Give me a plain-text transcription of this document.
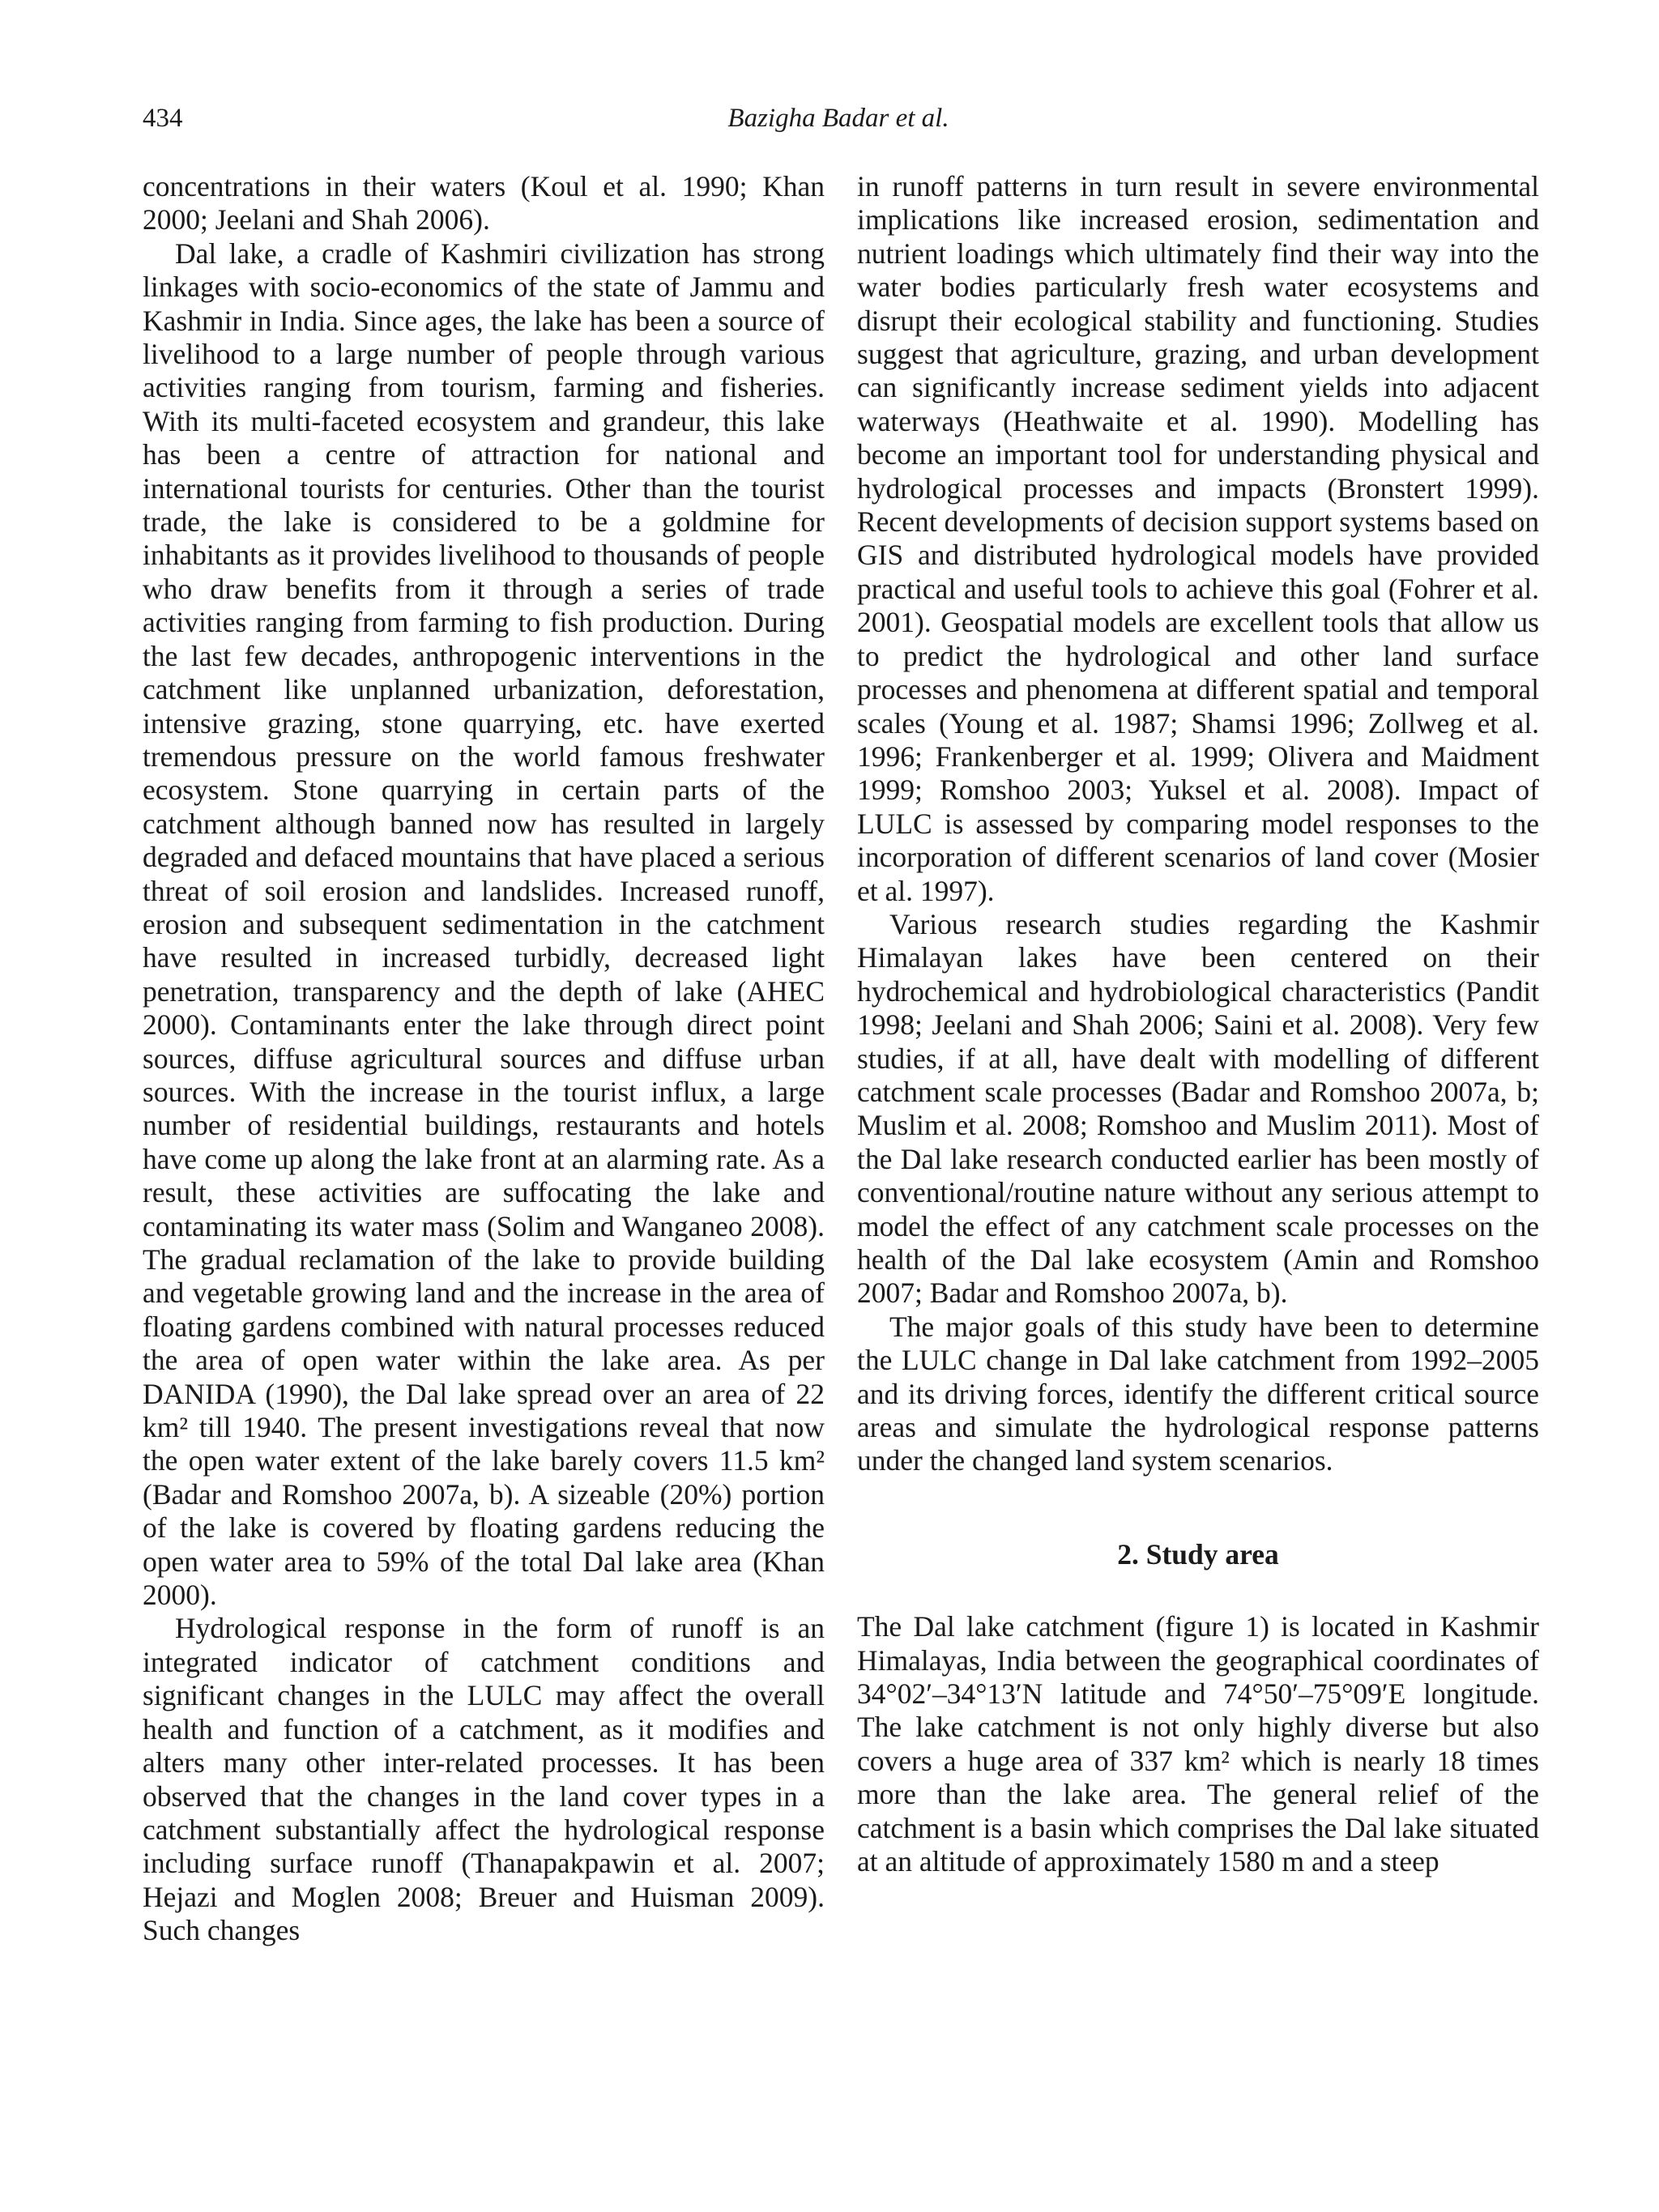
434	Bazigha Badar et al.

concentrations in their waters (Koul et al. 1990; Khan 2000; Jeelani and Shah 2006).

Dal lake, a cradle of Kashmiri civilization has strong linkages with socio-economics of the state of Jammu and Kashmir in India. Since ages, the lake has been a source of livelihood to a large number of people through various activities ranging from tourism, farming and fisheries. With its multi-faceted ecosystem and grandeur, this lake has been a centre of attraction for national and international tourists for centuries. Other than the tourist trade, the lake is considered to be a goldmine for inhabitants as it provides livelihood to thousands of people who draw benefits from it through a series of trade activities ranging from farming to fish production. During the last few decades, anthropogenic interventions in the catchment like unplanned urbanization, deforestation, intensive grazing, stone quarrying, etc. have exerted tremendous pressure on the world famous freshwater ecosystem. Stone quarrying in certain parts of the catchment although banned now has resulted in largely degraded and defaced mountains that have placed a serious threat of soil erosion and landslides. Increased runoff, erosion and subsequent sedimentation in the catchment have resulted in increased turbidly, decreased light penetration, transparency and the depth of lake (AHEC 2000). Contaminants enter the lake through direct point sources, diffuse agricultural sources and diffuse urban sources. With the increase in the tourist influx, a large number of residential buildings, restaurants and hotels have come up along the lake front at an alarming rate. As a result, these activities are suffocating the lake and contaminating its water mass (Solim and Wanganeo 2008). The gradual reclamation of the lake to provide building and vegetable growing land and the increase in the area of floating gardens combined with natural processes reduced the area of open water within the lake area. As per DANIDA (1990), the Dal lake spread over an area of 22 km² till 1940. The present investigations reveal that now the open water extent of the lake barely covers 11.5 km² (Badar and Romshoo 2007a, b). A sizeable (20%) portion of the lake is covered by floating gardens reducing the open water area to 59% of the total Dal lake area (Khan 2000).

Hydrological response in the form of runoff is an integrated indicator of catchment conditions and significant changes in the LULC may affect the overall health and function of a catchment, as it modifies and alters many other inter-related processes. It has been observed that the changes in the land cover types in a catchment substantially affect the hydrological response including surface runoff (Thanapakpawin et al. 2007; Hejazi and Moglen 2008; Breuer and Huisman 2009). Such changes

in runoff patterns in turn result in severe environmental implications like increased erosion, sedimentation and nutrient loadings which ultimately find their way into the water bodies particularly fresh water ecosystems and disrupt their ecological stability and functioning. Studies suggest that agriculture, grazing, and urban development can significantly increase sediment yields into adjacent waterways (Heathwaite et al. 1990). Modelling has become an important tool for understanding physical and hydrological processes and impacts (Bronstert 1999). Recent developments of decision support systems based on GIS and distributed hydrological models have provided practical and useful tools to achieve this goal (Fohrer et al. 2001). Geospatial models are excellent tools that allow us to predict the hydrological and other land surface processes and phenomena at different spatial and temporal scales (Young et al. 1987; Shamsi 1996; Zollweg et al. 1996; Frankenberger et al. 1999; Olivera and Maidment 1999; Romshoo 2003; Yuksel et al. 2008). Impact of LULC is assessed by comparing model responses to the incorporation of different scenarios of land cover (Mosier et al. 1997).

Various research studies regarding the Kashmir Himalayan lakes have been centered on their hydrochemical and hydrobiological characteristics (Pandit 1998; Jeelani and Shah 2006; Saini et al. 2008). Very few studies, if at all, have dealt with modelling of different catchment scale processes (Badar and Romshoo 2007a, b; Muslim et al. 2008; Romshoo and Muslim 2011). Most of the Dal lake research conducted earlier has been mostly of conventional/routine nature without any serious attempt to model the effect of any catchment scale processes on the health of the Dal lake ecosystem (Amin and Romshoo 2007; Badar and Romshoo 2007a, b).

The major goals of this study have been to determine the LULC change in Dal lake catchment from 1992–2005 and its driving forces, identify the different critical source areas and simulate the hydrological response patterns under the changed land system scenarios.

2. Study area

The Dal lake catchment (figure 1) is located in Kashmir Himalayas, India between the geographical coordinates of 34°02′–34°13′N latitude and 74°50′–75°09′E longitude. The lake catchment is not only highly diverse but also covers a huge area of 337 km² which is nearly 18 times more than the lake area. The general relief of the catchment is a basin which comprises the Dal lake situated at an altitude of approximately 1580 m and a steep
